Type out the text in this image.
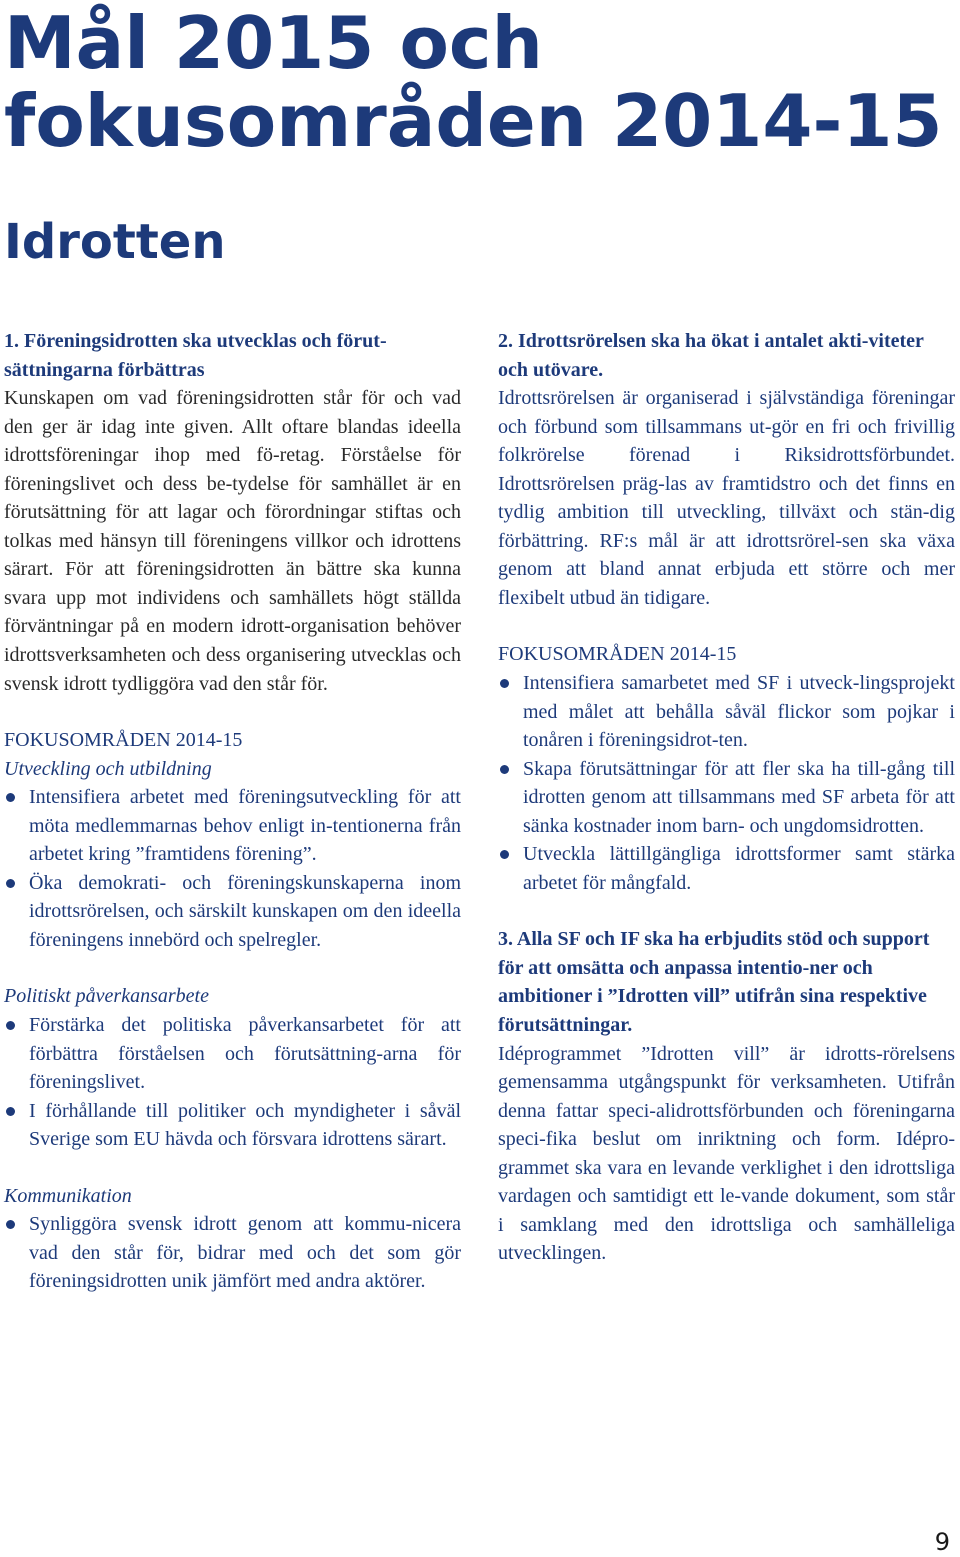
Mål 2015 och
fokusområden 2014-15
Idrotten

1. Föreningsidrotten ska utvecklas och förut-sättningarna förbättras

Kunskapen om vad föreningsidrotten står för och vad den ger är idag inte given. Allt oftare blandas ideella idrottsföreningar ihop med fö-retag. Förståelse för föreningslivet och dess be-tydelse för samhället är en förutsättning för att lagar och förordningar stiftas och tolkas med hänsyn till föreningens villkor och idrottens särart. För att föreningsidrotten än bättre ska kunna svara upp mot individens och samhällets högt ställda förväntningar på en modern idrott-organisation behöver idrottsverksamheten och dess organisering utvecklas och svensk idrott tydliggöra vad den står för.

FOKUSOMRÅDEN 2014-15

Utveckling och utbildning

Intensifiera arbetet med föreningsutveckling för att möta medlemmarnas behov enligt in-tentionerna från arbetet kring ”framtidens förening”.
Öka demokrati- och föreningskunskaperna inom idrottsrörelsen, och särskilt kunskapen om den ideella föreningens innebörd och spelregler.

Politiskt påverkansarbete

Förstärka det politiska påverkansarbetet för att förbättra förståelsen och förutsättning-arna för föreningslivet.
I förhållande till politiker och myndigheter i såväl Sverige som EU hävda och försvara idrottens särart.

Kommunikation

Synliggöra svensk idrott genom att kommu-nicera vad den står för, bidrar med och det som gör föreningsidrotten unik jämfört med andra aktörer.

2. Idrottsrörelsen ska ha ökat i antalet akti-viteter och utövare.

Idrottsrörelsen är organiserad i självständiga föreningar och förbund som tillsammans ut-gör en fri och frivillig folkrörelse förenad i Riksidrottsförbundet. Idrottsrörelsen präg-las av framtidstro och det finns en tydlig ambition till utveckling, tillväxt och stän-dig förbättring. RF:s mål är att idrottsrörel-sen ska växa genom att bland annat erbjuda ett större och mer flexibelt utbud än tidigare.

FOKUSOMRÅDEN 2014-15

Intensifiera samarbetet med SF i utveck-lingsprojekt med målet att behålla såväl flickor som pojkar i tonåren i föreningsidrot-ten.
Skapa förutsättningar för att fler ska ha till-gång till idrotten genom att tillsammans med SF arbeta för att sänka kostnader inom barn- och ungdomsidrotten.
Utveckla lättillgängliga idrottsformer samt stärka arbetet för mångfald.

3. Alla SF och IF ska ha erbjudits stöd och support för att omsätta och anpassa intentio-ner och ambitioner i ”Idrotten vill” utifrån sina respektive förutsättningar.

Idéprogrammet ”Idrotten vill” är idrotts-rörelsens gemensamma utgångspunkt för verksamheten. Utifrån denna fattar speci-alidrottsförbunden och föreningarna speci-fika beslut om inriktning och form. Idépro-grammet ska vara en levande verklighet i den idrottsliga vardagen och samtidigt ett le-vande dokument, som står i samklang med den idrottsliga och samhälleliga utvecklingen.

9
